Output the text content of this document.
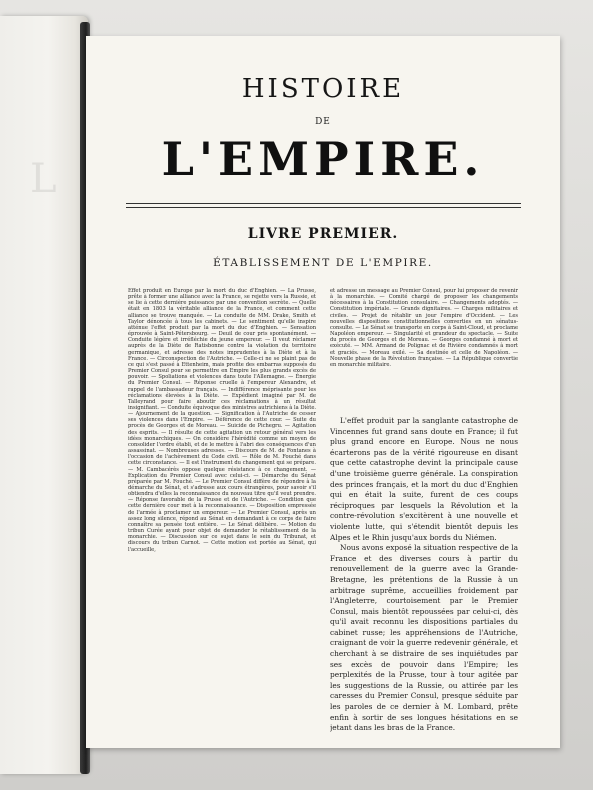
L
HISTOIRE
DE
L'EMPIRE.
LIVRE PREMIER.
ÉTABLISSEMENT DE L'EMPIRE.

Effet produit en Europe par la mort du duc d'Enghien. — La Prusse, prête à former une alliance avec la France, se rejette vers la Russie, et se lie à cette dernière puissance par une convention secrète. — Quelle était en 1803 la véritable alliance de la France, et comment cette alliance se trouve manquée. — La conduite de MM. Drake, Smith et Taylor dénoncée à tous les cabinets. — Le sentiment qu'elle inspire atténue l'effet produit par la mort du duc d'Enghien. — Sensation éprouvée à Saint-Pétersbourg. — Deuil de cour pris spontanément. — Conduite légère et irréfléchie du jeune empereur. — Il veut réclamer auprès de la Diète de Ratisbonne contre la violation du territoire germanique, et adresse des notes imprudentes à la Diète et à la France. — Circonspection de l'Autriche. — Celle-ci ne se plaint pas de ce qui s'est passé à Ettenheim, mais profite des embarras supposés du Premier Consul pour se permettre en Empire les plus grands excès de pouvoir. — Spoliations et violences dans toute l'Allemagne. — Énergie du Premier Consul. — Réponse cruelle à l'empereur Alexandre, et rappel de l'ambassadeur français. — Indifférence méprisante pour les réclamations élevées à la Diète. — Expédient imaginé par M. de Talleyrand pour faire aboutir ces réclamations à un résultat insignifiant. — Conduite équivoque des ministres autrichiens à la Diète. — Ajournement de la question. — Signification à l'Autriche de cesser ses violences dans l'Empire. — Déférence de cette cour. — Suite du procès de Georges et de Moreau. — Suicide de Pichegru. — Agitation des esprits. — Il résulte de cette agitation un retour général vers les idées monarchiques. — On considère l'hérédité comme un moyen de consolider l'ordre établi, et de le mettre à l'abri des conséquences d'un assassinat. — Nombreuses adresses. — Discours de M. de Fontanes à l'occasion de l'achèvement du Code civil. — Rôle de M. Fouché dans cette circonstance. — Il est l'instrument du changement qui se prépare. — M. Cambacérès oppose quelque résistance à ce changement. — Explication du Premier Consul avec celui-ci. — Démarche du Sénat préparée par M. Fouché. — Le Premier Consul diffère de répondre à la démarche du Sénat, et s'adresse aux cours étrangères, pour savoir s'il obtiendra d'elles la reconnaissance du nouveau titre qu'il veut prendre. — Réponse favorable de la Prusse et de l'Autriche. — Condition que cette dernière cour met à la reconnaissance. — Disposition empressée de l'armée à proclamer un empereur. — Le Premier Consul, après un assez long silence, répond au Sénat en demandant à ce corps de faire connaître sa pensée tout entière. — Le Sénat délibère. — Motion du tribun Curée ayant pour objet de demander le rétablissement de la monarchie. — Discussion sur ce sujet dans le sein du Tribunat, et discours du tribun Carnot. — Cette motion est portée au Sénat, qui l'accueille,

et adresse un message au Premier Consul, pour lui proposer de revenir à la monarchie. — Comité chargé de proposer les changements nécessaires à la Constitution consulaire. — Changements adoptés. — Constitution impériale. — Grands dignitaires. — Charges militaires et civiles. — Projet de rétablir un jour l'empire d'Occident. — Les nouvelles dispositions constitutionnelles converties en un sénatus-consulte. — Le Sénat se transporte en corps à Saint-Cloud, et proclame Napoléon empereur. — Singularité et grandeur du spectacle. — Suite du procès de Georges et de Moreau. — Georges condamné à mort et exécuté. — MM. Armand de Polignac et de Rivière condamnés à mort et graciés. — Moreau exilé. — Sa destinée et celle de Napoléon. — Nouvelle phase de la Révolution française. — La République convertie en monarchie militaire.

L'effet produit par la sanglante catastrophe de Vincennes fut grand sans doute en France; il fut plus grand encore en Europe. Nous ne nous écarterons pas de la vérité rigoureuse en disant que cette catastrophe devint la principale cause d'une troisième guerre générale. La conspiration des princes français, et la mort du duc d'Enghien qui en était la suite, furent de ces coups réciproques par lesquels la Révolution et la contre-révolution s'excitèrent à une nouvelle et violente lutte, qui s'étendit bientôt depuis les Alpes et le Rhin jusqu'aux bords du Niémen.

Nous avons exposé la situation respective de la France et des diverses cours à partir du renouvellement de la guerre avec la Grande-Bretagne, les prétentions de la Russie à un arbitrage suprême, accueillies froidement par l'Angleterre, courtoisement par le Premier Consul, mais bientôt repoussées par celui-ci, dès qu'il avait reconnu les dispositions partiales du cabinet russe; les appréhensions de l'Autriche, craignant de voir la guerre redevenir générale, et cherchant à se distraire de ses inquiétudes par ses excès de pouvoir dans l'Empire; les perplexités de la Prusse, tour à tour agitée par les suggestions de la Russie, ou attirée par les caresses du Premier Consul, presque séduite par les paroles de ce dernier à M. Lombard, prête enfin à sortir de ses longues hésitations en se jetant dans les bras de la France.
